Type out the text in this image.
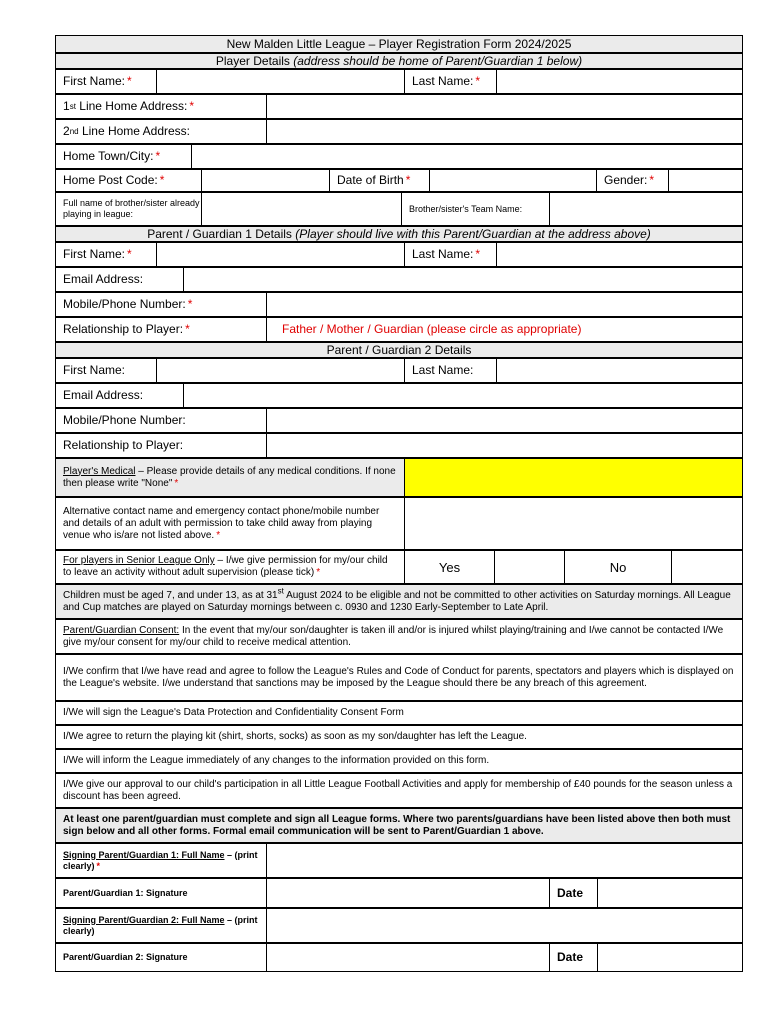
New Malden Little League – Player Registration Form 2024/2025
Player Details
(address should be home of Parent/Guardian 1 below)
First Name: *	Last Name: *
1 st
Line Home Address: *
2 nd
Line Home Address:
Home Town/City: *
Home Post Code: *	Date of Birth *	Gender: *
Full name of brother/sister already playing in league:
Brother/sister's Team Name:
Parent / Guardian 1 Details
(Player should live with this Parent/Guardian at the address above)
First Name: *	Last Name: *
Email Address:
Mobile/Phone Number: *
Relationship to Player: *	Father / Mother / Guardian (please circle as appropriate)
Parent / Guardian 2 Details
First Name:	Last Name:
Email Address:
Mobile/Phone Number:
Relationship to Player:
Player's Medical – Please provide details of any medical conditions. If none then please write "None" *
Alternative contact name and emergency contact phone/mobile number and details of an adult with permission to take child away from playing venue who is/are not listed above. *
For players in Senior League Only – I/we give permission for my/our child to leave an activity without adult supervision (please tick) *	Yes	No
Children must be aged 7, and under 13, as at 31st August 2024 to be eligible and not be committed to other activities on Saturday mornings. All League and Cup matches are played on Saturday mornings between c. 0930 and 1230 Early-September to Late April.
Parent/Guardian Consent: In the event that my/our son/daughter is taken ill and/or is injured whilst playing/training and I/we cannot be contacted I/We give my/our consent for my/our child to receive medical attention.
I/We confirm that I/we have read and agree to follow the League's Rules and Code of Conduct for parents, spectators and players which is displayed on the League's website. I/we understand that sanctions may be imposed by the League should there be any breach of this agreement.
I/We will sign the League's Data Protection and Confidentiality Consent Form
I/We agree to return the playing kit (shirt, shorts, socks) as soon as my son/daughter has left the League.
I/We will inform the League immediately of any changes to the information provided on this form.
I/We give our approval to our child's participation in all Little League Football Activities and apply for membership of £40 pounds for the season unless a discount has been agreed.
At least one parent/guardian must complete and sign all League forms. Where two parents/guardians have been listed above then both must sign below and all other forms. Formal email communication will be sent to Parent/Guardian 1 above.
Signing Parent/Guardian 1: Full Name – (print clearly) *
Parent/Guardian 1: Signature	Date
Signing Parent/Guardian 2: Full Name – (print clearly)
Parent/Guardian 2: Signature	Date
